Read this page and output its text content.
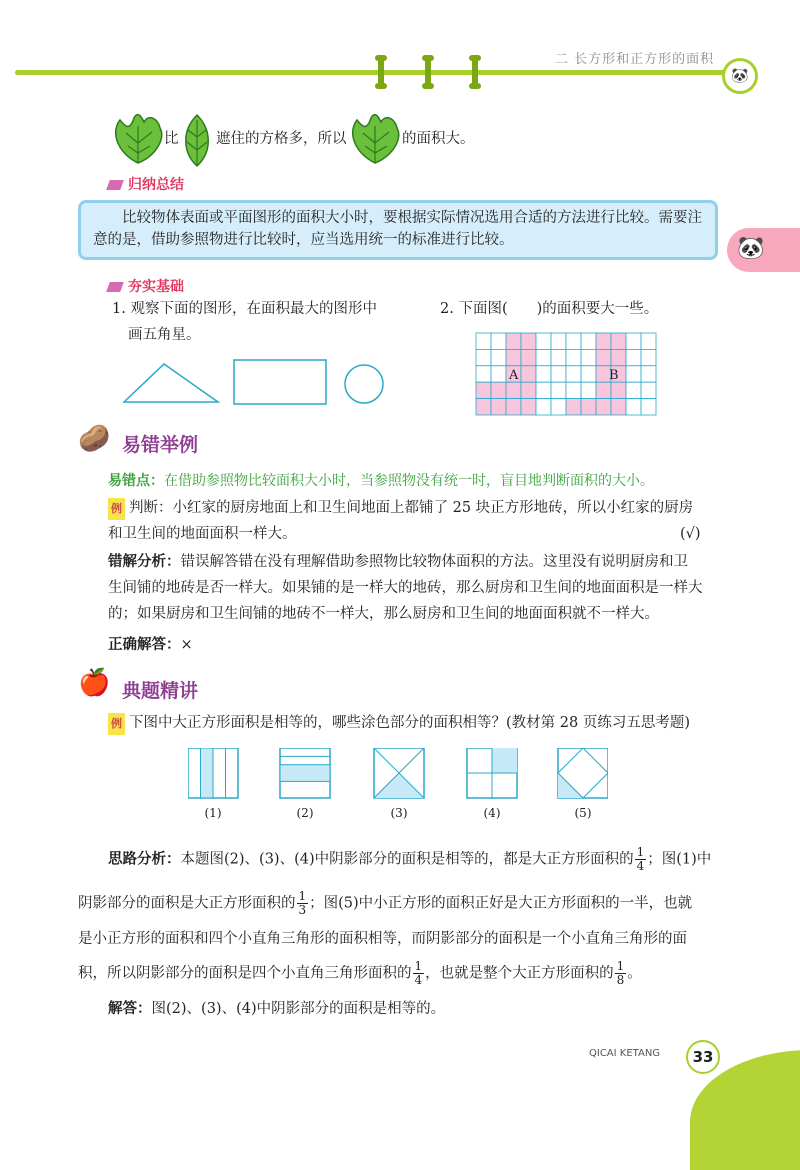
二 长方形和正方形的面积
🐼
🐼
比	遮住的方格多，所以	的面积大。
归纳总结
比较物体表面或平面图形的面积大小时，要根据实际情况选用合适的方法进行比较。需要注意的是，借助参照物进行比较时，应当选用统一的标准进行比较。
夯实基础
1. 观察下面的图形，在面积最大的图形中
画五角星。
2. 下面图(　　)的面积要大一些。
A	B
🥔 易错举例
易错点：在借助参照物比较面积大小时，当参照物没有统一时，盲目地判断面积的大小。
例 判断：小红家的厨房地面上和卫生间地面上都铺了 25 块正方形地砖，所以小红家的厨房
和卫生间的地面面积一样大。	(√)
错解分析：错误解答错在没有理解借助参照物比较物体面积的方法。这里没有说明厨房和卫
生间铺的地砖是否一样大。如果铺的是一样大的地砖，那么厨房和卫生间的地面面积是一样大
的；如果厨房和卫生间铺的地砖不一样大，那么厨房和卫生间的地面面积就不一样大。
正确解答：×
🍎 典题精讲
例 下图中大正方形面积是相等的，哪些涂色部分的面积相等？(教材第 28 页练习五思考题)
(1)	(2)	(3)	(4)	(5)
思路分析：本题图(2)、(3)、(4)中阴影部分的面积是相等的，都是大正方形面积的 $\frac{1}{4}$ ；图(1)中
阴影部分的面积是大正方形面积的 $\frac{1}{3}$ ；图(5)中小正方形的面积正好是大正方形面积的一半，也就
是小正方形的面积和四个小直角三角形的面积相等，而阴影部分的面积是一个小直角三角形的面
积，所以阴影部分的面积是四个小直角三角形面积的 $\frac{1}{4}$ ，也就是整个大正方形面积的 $\frac{1}{8}$ 。
解答：图(2)、(3)、(4)中阴影部分的面积是相等的。
QICAI KETANG	33
